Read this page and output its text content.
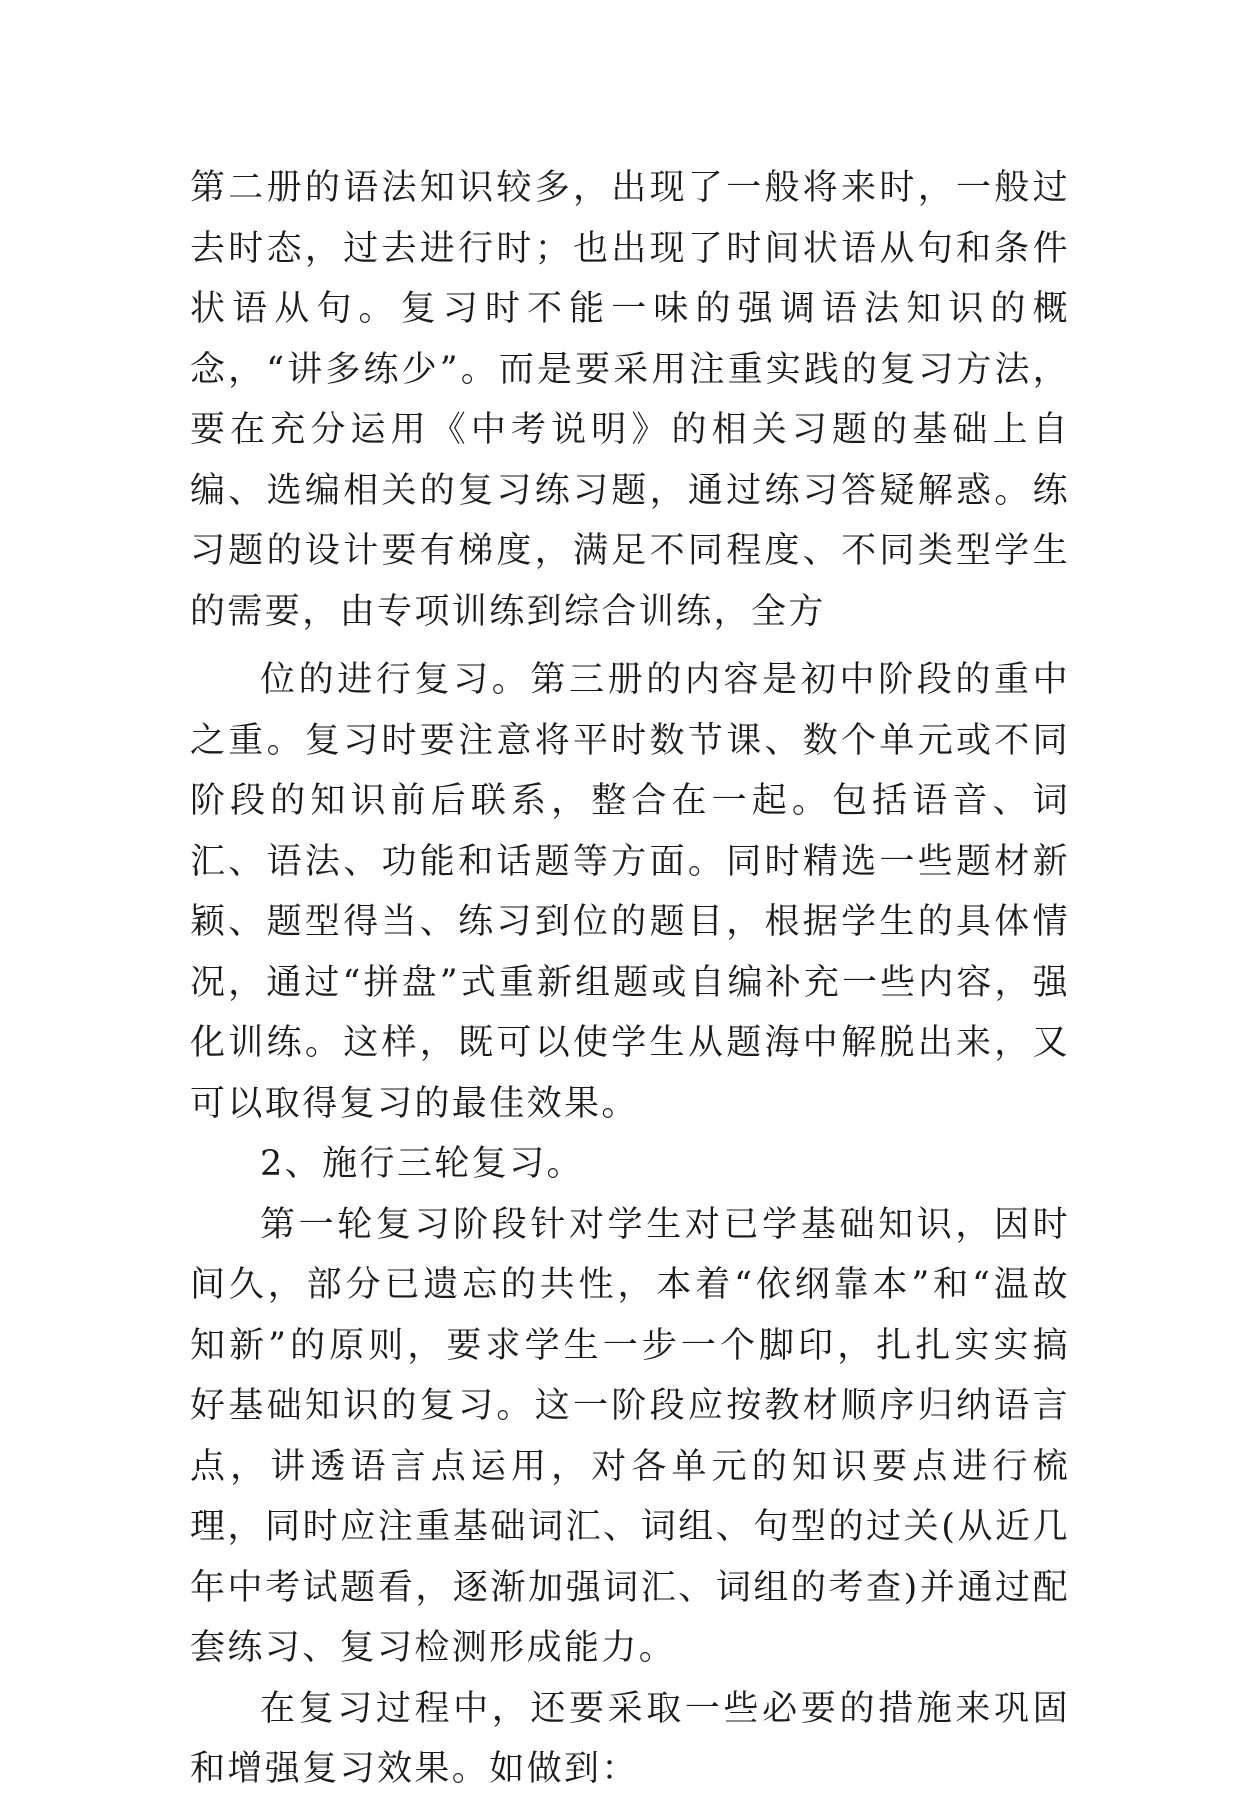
第二册的语法知识较多，出现了一般将来时，一般过去时态，过去进行时；也出现了时间状语从句和条件状语从句。复习时不能一味的强调语法知识的概念，“讲多练少”。而是要采用注重实践的复习方法，要在充分运用《中考说明》的相关习题的基础上自编、选编相关的复习练习题，通过练习答疑解惑。练习题的设计要有梯度，满足不同程度、不同类型学生的需要，由专项训练到综合训练，全方

位的进行复习。第三册的内容是初中阶段的重中之重。复习时要注意将平时数节课、数个单元或不同阶段的知识前后联系，整合在一起。包括语音、词汇、语法、功能和话题等方面。同时精选一些题材新颖、题型得当、练习到位的题目，根据学生的具体情况，通过“拼盘”式重新组题或自编补充一些内容，强化训练。这样，既可以使学生从题海中解脱出来，又可以取得复习的最佳效果。

2、施行三轮复习。

第一轮复习阶段针对学生对已学基础知识，因时间久，部分已遗忘的共性，本着“依纲靠本”和“温故知新”的原则，要求学生一步一个脚印，扎扎实实搞好基础知识的复习。这一阶段应按教材顺序归纳语言点，讲透语言点运用，对各单元的知识要点进行梳理，同时应注重基础词汇、词组、句型的过关(从近几年中考试题看，逐渐加强词汇、词组的考查)并通过配套练习、复习检测形成能力。

在复习过程中，还要采取一些必要的措施来巩固和增强复习效果。如做到：
